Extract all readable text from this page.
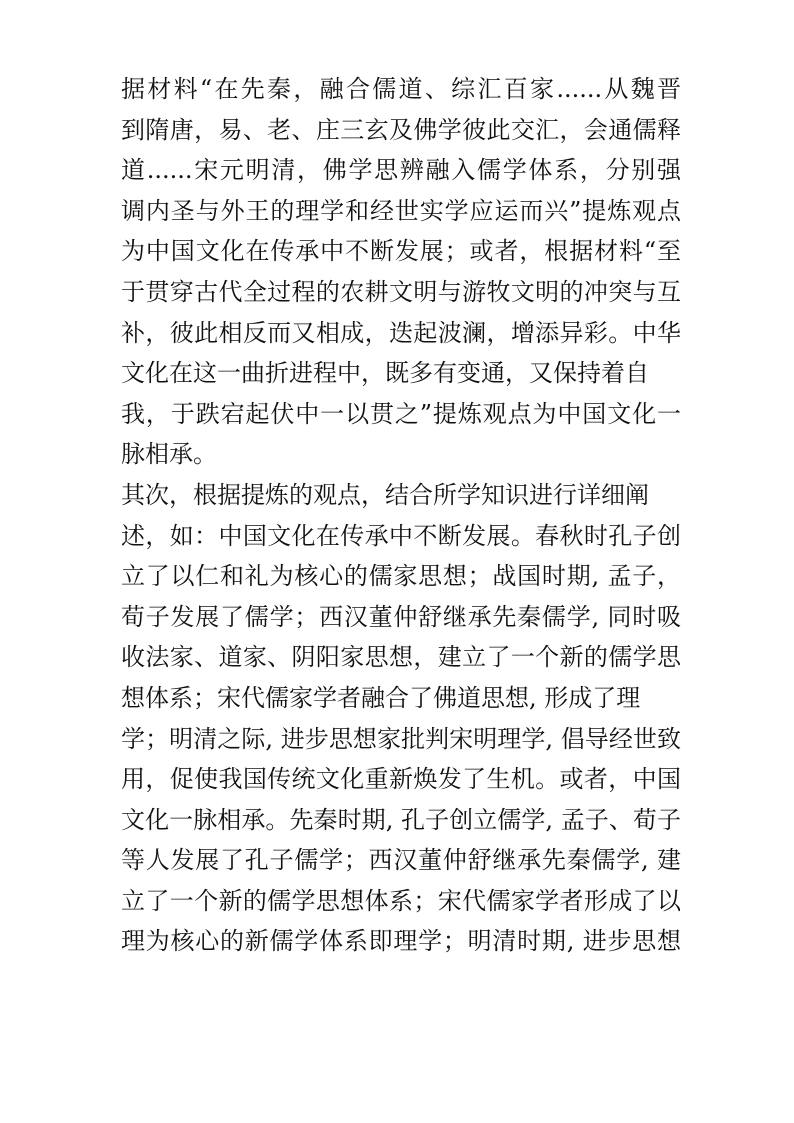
据材料“在先秦，融合儒道、综汇百家......从魏晋
到隋唐，易、老、庄三玄及佛学彼此交汇，会通儒释
道......宋元明清，佛学思辨融入儒学体系，分别强
调内圣与外王的理学和经世实学应运而兴”提炼观点
为中国文化在传承中不断发展；或者，根据材料“至
于贯穿古代全过程的农耕文明与游牧文明的冲突与互
补，彼此相反而又相成，迭起波澜，增添异彩。中华
文化在这一曲折进程中，既多有变通，又保持着自
我，于跌宕起伏中一以贯之”提炼观点为中国文化一
脉相承。
其次，根据提炼的观点，结合所学知识进行详细阐
述，如：中国文化在传承中不断发展。春秋时孔子创
立了以仁和礼为核心的儒家思想；战国时期, 孟子，
荀子发展了儒学；西汉董仲舒继承先秦儒学, 同时吸
收法家、道家、阴阳家思想，建立了一个新的儒学思
想体系；宋代儒家学者融合了佛道思想, 形成了理
学；明清之际, 进步思想家批判宋明理学, 倡导经世致
用，促使我国传统文化重新焕发了生机。或者，中国
文化一脉相承。先秦时期, 孔子创立儒学, 孟子、荀子
等人发展了孔子儒学；西汉董仲舒继承先秦儒学, 建
立了一个新的儒学思想体系；宋代儒家学者形成了以
理为核心的新儒学体系即理学；明清时期, 进步思想
